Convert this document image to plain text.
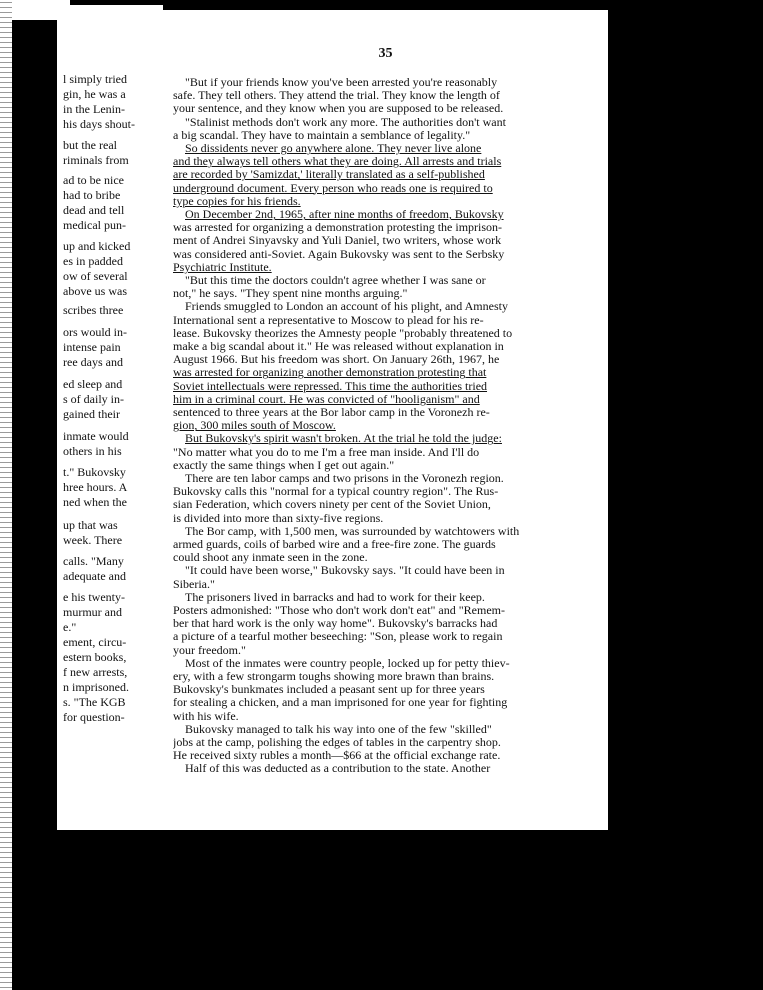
l simply tried
gin, he was a
in the Lenin-
his days shout-
but the real
riminals from
ad to be nice
had to bribe
dead and tell
medical pun-
up and kicked
es in padded
ow of several
above us was
scribes three
ors would in-
intense pain
ree days and
ed sleep and
s of daily in-
gained their
inmate would
others in his
t." Bukovsky
hree hours. A
ned when the
up that was
week. There
calls. "Many
adequate and
e his twenty-
murmur and
e."
ement, circu-
estern books,
f new arrests,
n imprisoned.
s. "The KGB
for question-
35
"But if your friends know you've been arrested you're reasonably
safe. They tell others. They attend the trial. They know the length of
your sentence, and they know when you are supposed to be released.
"Stalinist methods don't work any more. The authorities don't want
a big scandal. They have to maintain a semblance of legality."
So dissidents never go anywhere alone. They never live alone
and they always tell others what they are doing. All arrests and trials
are recorded by 'Samizdat,' literally translated as a self-published
underground document. Every person who reads one is required to
type copies for his friends.
On December 2nd, 1965, after nine months of freedom, Bukovsky
was arrested for organizing a demonstration protesting the imprison-
ment of Andrei Sinyavsky and Yuli Daniel, two writers, whose work
was considered anti-Soviet. Again Bukovsky was sent to the Serbsky
Psychiatric Institute.
"But this time the doctors couldn't agree whether I was sane or
not," he says. "They spent nine months arguing."
Friends smuggled to London an account of his plight, and Amnesty
International sent a representative to Moscow to plead for his re-
lease. Bukovsky theorizes the Amnesty people "probably threatened to
make a big scandal about it." He was released without explanation in
August 1966. But his freedom was short. On January 26th, 1967, he
was arrested for organizing another demonstration protesting that
Soviet intellectuals were repressed. This time the authorities tried
him in a criminal court. He was convicted of "hooliganism" and
sentenced to three years at the Bor labor camp in the Voronezh re-
gion, 300 miles south of Moscow.
But Bukovsky's spirit wasn't broken. At the trial he told the judge:
"No matter what you do to me I'm a free man inside. And I'll do
exactly the same things when I get out again."
There are ten labor camps and two prisons in the Voronezh region.
Bukovsky calls this "normal for a typical country region". The Rus-
sian Federation, which covers ninety per cent of the Soviet Union,
is divided into more than sixty-five regions.
The Bor camp, with 1,500 men, was surrounded by watchtowers with
armed guards, coils of barbed wire and a free-fire zone. The guards
could shoot any inmate seen in the zone.
"It could have been worse," Bukovsky says. "It could have been in
Siberia."
The prisoners lived in barracks and had to work for their keep.
Posters admonished: "Those who don't work don't eat" and "Remem-
ber that hard work is the only way home". Bukovsky's barracks had
a picture of a tearful mother beseeching: "Son, please work to regain
your freedom."
Most of the inmates were country people, locked up for petty thiev-
ery, with a few strongarm toughs showing more brawn than brains.
Bukovsky's bunkmates included a peasant sent up for three years
for stealing a chicken, and a man imprisoned for one year for fighting
with his wife.
Bukovsky managed to talk his way into one of the few "skilled"
jobs at the camp, polishing the edges of tables in the carpentry shop.
He received sixty rubles a month—$66 at the official exchange rate.
Half of this was deducted as a contribution to the state. Another
